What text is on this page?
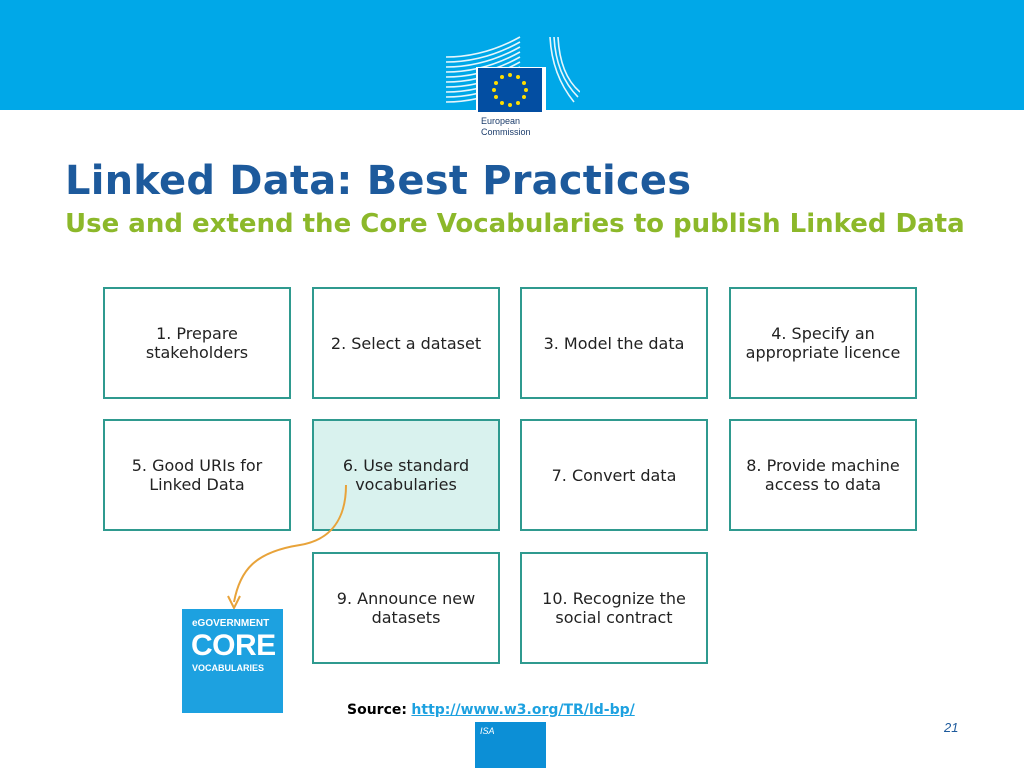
European Commission
Linked Data: Best Practices
Use and extend the Core Vocabularies to publish Linked Data
1. Prepare stakeholders	2. Select a dataset	3. Model the data	4. Specify an appropriate licence
5. Good URIs for Linked Data
6. Use standard vocabularies	7. Convert data	8. Provide machine access to data
9. Announce new datasets
10. Recognize the social contract
eGOVERNMENT
CORE
VOCABULARIES
Source: http://www.w3.org/TR/ld-bp/
ISA	21
